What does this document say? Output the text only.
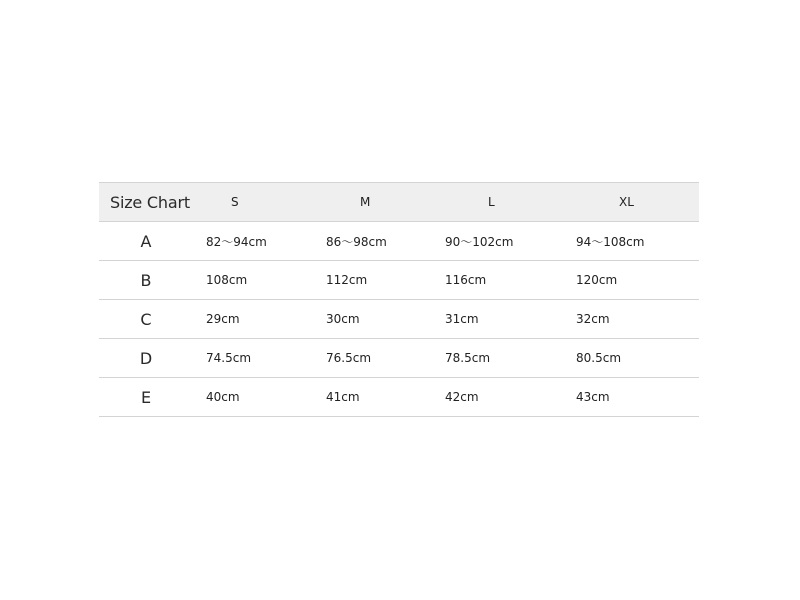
Size Chart	S	M	L	XL
A	82～94cm	86～98cm	90～102cm	94～108cm
B	108cm	112cm	116cm	120cm
C	29cm	30cm	31cm	32cm
D	74.5cm	76.5cm	78.5cm	80.5cm
E	40cm	41cm	42cm	43cm
